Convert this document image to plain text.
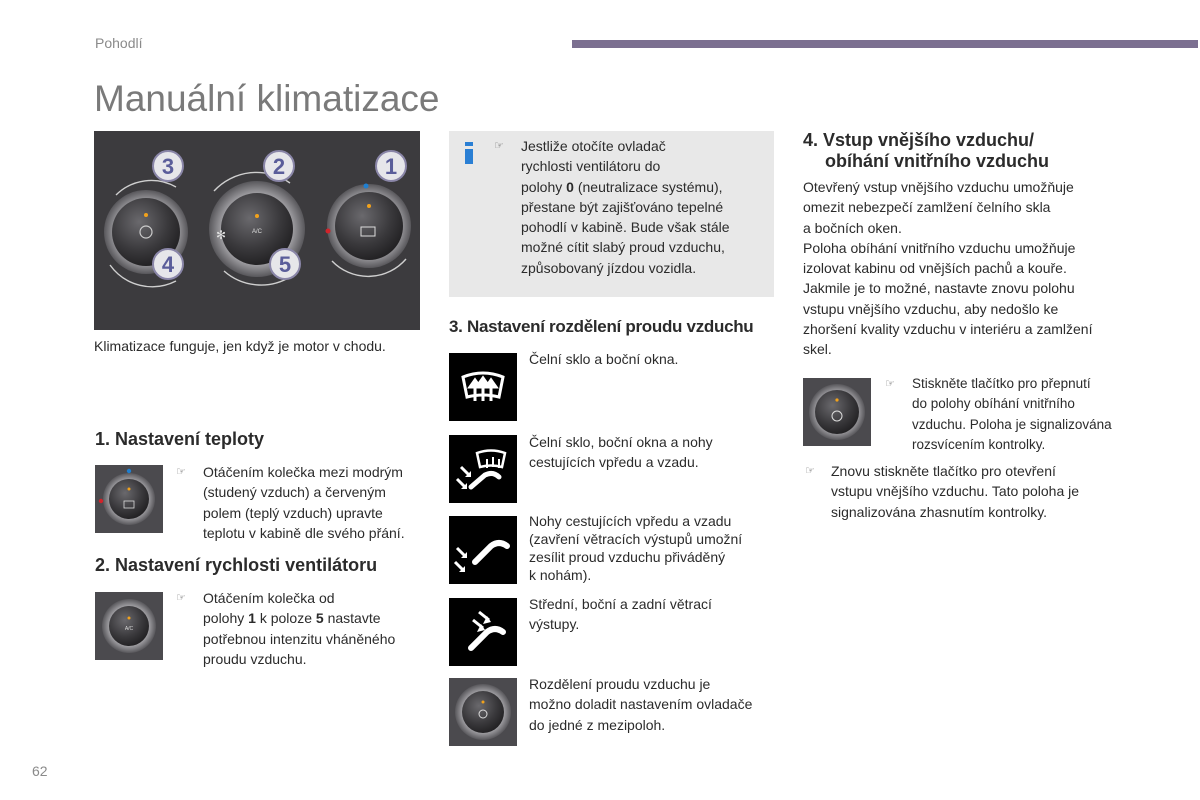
Pohodlí
Manuální klimatizace
A/C
✻
3	2	1
4	5
Klimatizace funguje, jen když je motor v chodu.
1. Nastavení teploty
☞ Otáčením kolečka mezi modrým
(studený vzduch) a červeným
polem (teplý vzduch) upravte
teplotu v kabině dle svého přání.
2. Nastavení rychlosti ventilátoru
A/C
☞ Otáčením kolečka od
polohy 1 k poloze 5 nastavte
potřebnou intenzitu vháněného
proudu vzduchu.
☞ Jestliže otočíte ovladač
rychlosti ventilátoru do
polohy 0 (neutralizace systému),
přestane být zajišťováno tepelné
pohodlí v kabině. Bude však stále
možné cítit slabý proud vzduchu,
způsobovaný jízdou vozidla.
3. Nastavení rozdělení proudu vzduchu
Čelní sklo a boční okna.
Čelní sklo, boční okna a nohy
cestujících vpředu a vzadu.
Nohy cestujících vpředu a vzadu
(zavření větracích výstupů umožní
zesílit proud vzduchu přiváděný
k nohám).
Střední, boční a zadní větrací
výstupy.
Rozdělení proudu vzduchu je
možno doladit nastavením ovladače
do jedné z mezipoloh.
4. Vstup vnějšího vzduchu/
obíhání vnitřního vzduchu
Otevřený vstup vnějšího vzduchu umožňuje
omezit nebezpečí zamlžení čelního skla
a bočních oken.
Poloha obíhání vnitřního vzduchu umožňuje
izolovat kabinu od vnějších pachů a kouře.
Jakmile je to možné, nastavte znovu polohu
vstupu vnějšího vzduchu, aby nedošlo ke
zhoršení kvality vzduchu v interiéru a zamlžení
skel.
☞ Stiskněte tlačítko pro přepnutí
do polohy obíhání vnitřního
vzduchu. Poloha je signalizována
rozsvícením kontrolky.
☞ Znovu stiskněte tlačítko pro otevření
vstupu vnějšího vzduchu. Tato poloha je
signalizována zhasnutím kontrolky.
62
